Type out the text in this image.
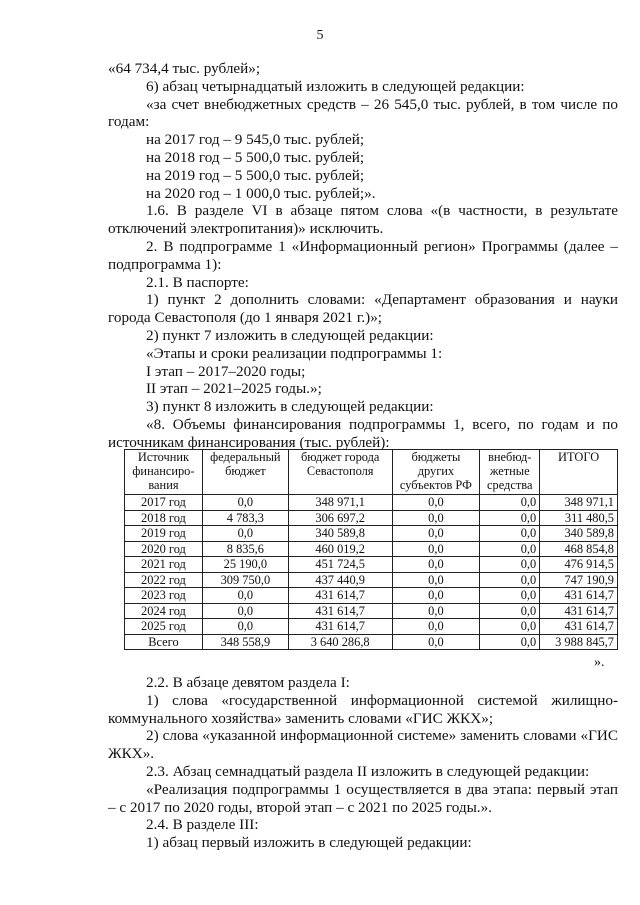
5

«64 734,4 тыс. рублей»;

6) абзац четырнадцатый изложить в следующей редакции:

«за счет внебюджетных средств – 26 545,0 тыс. рублей, в том числе по годам:

на 2017 год – 9 545,0 тыс. рублей;

на 2018 год – 5 500,0 тыс. рублей;

на 2019 год – 5 500,0 тыс. рублей;

на 2020 год – 1 000,0 тыс. рублей;».

1.6. В разделе VI в абзаце пятом слова «(в частности, в результате отключений электропитания)» исключить.

2. В подпрограмме 1 «Информационный регион» Программы (далее – подпрограмма 1):

2.1. В паспорте:

1) пункт 2 дополнить словами: «Департамент образования и науки города Севастополя (до 1 января 2021 г.)»;

2) пункт 7 изложить в следующей редакции:

«Этапы и сроки реализации подпрограммы 1:

I этап – 2017–2020 годы;

II этап – 2021–2025 годы.»;

3) пункт 8 изложить в следующей редакции:

«8. Объемы финансирования подпрограммы 1, всего, по годам и по источникам финансирования (тыс. рублей):

Источник финансиро-вания	федеральный бюджет	бюджет города Севастополя	бюджеты других субъектов РФ	внебюд-жетные средства	ИТОГО
2017 год	0,0	348 971,1	0,0	0,0	348 971,1
2018 год	4 783,3	306 697,2	0,0	0,0	311 480,5
2019 год	0,0	340 589,8	0,0	0,0	340 589,8
2020 год	8 835,6	460 019,2	0,0	0,0	468 854,8
2021 год	25 190,0	451 724,5	0,0	0,0	476 914,5
2022 год	309 750,0	437 440,9	0,0	0,0	747 190,9
2023 год	0,0	431 614,7	0,0	0,0	431 614,7
2024 год	0,0	431 614,7	0,0	0,0	431 614,7
2025 год	0,0	431 614,7	0,0	0,0	431 614,7
Всего	348 558,9	3 640 286,8	0,0	0,0	3 988 845,7
».

2.2. В абзаце девятом раздела I:

1) слова «государственной информационной системой жилищно-коммунального хозяйства» заменить словами «ГИС ЖКХ»;

2) слова «указанной информационной системе» заменить словами «ГИС ЖКХ».

2.3. Абзац семнадцатый раздела II изложить в следующей редакции:

«Реализация подпрограммы 1 осуществляется в два этапа: первый этап – с 2017 по 2020 годы, второй этап – с 2021 по 2025 годы.».

2.4. В разделе III:

1) абзац первый изложить в следующей редакции:
